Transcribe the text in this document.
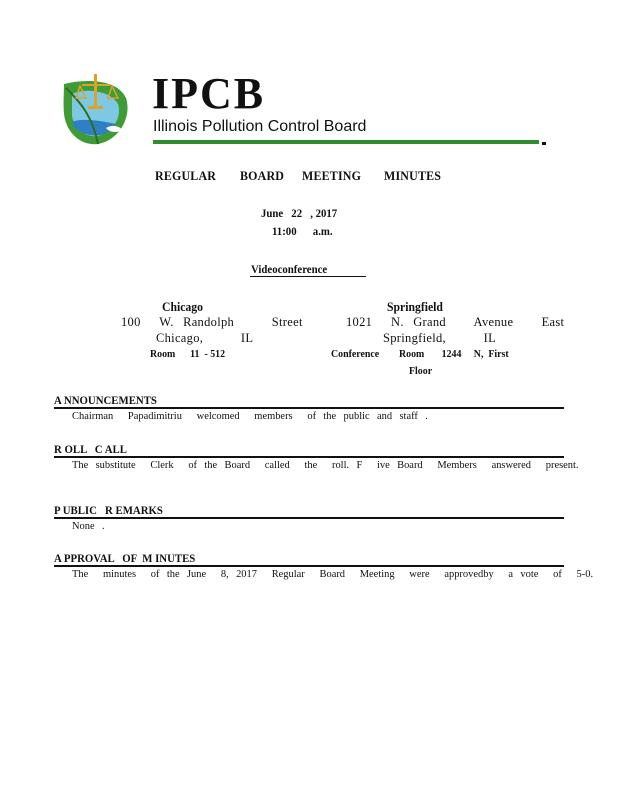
IPCB
Illinois Pollution Control Board
REGULAR BOARD MEETING MINUTES
June   22   , 2017
11:00      a.m.
Videoconference
Chicago
100  W. Randolph    Street
Chicago,    IL
Room      11  - 512
Springfield
1021  N. Grand   Avenue   East
Springfield,    IL
Conference        Room       1244     N,  First
Floor
A NNOUNCEMENTS
Chairman  Papadimitriu  welcomed  members  of the public and staff .
R OLL   C ALL
The substitute  Clerk  of the Board  called  the  roll. F  ive Board  Members  answered  present.
P UBLIC   R EMARKS
None .
A PPROVAL   OF  M INUTES
The  minutes  of the June  8, 2017  Regular  Board  Meeting  were  approvedby  a vote  of  5-0.
